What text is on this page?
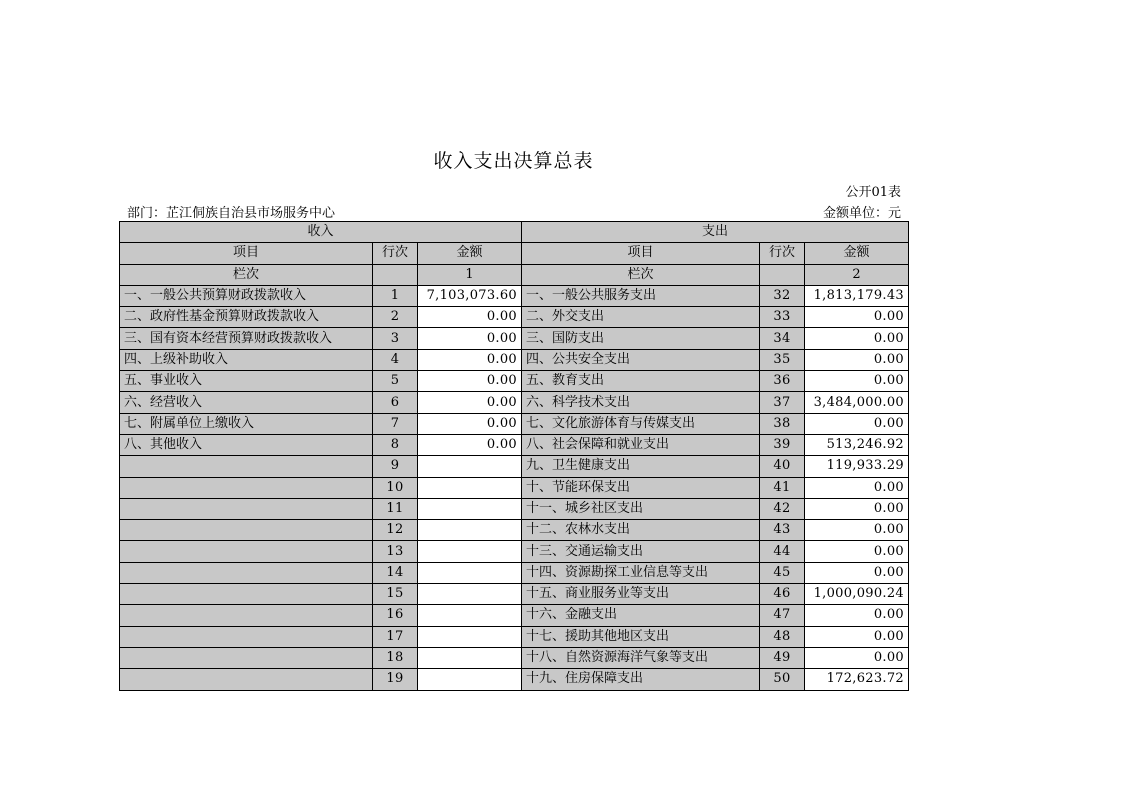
收入支出决算总表
公开01表
部门：芷江侗族自治县市场服务中心	金额单位：元
收入			支出		
项目	行次	金额	项目	行次	金额
栏次		1	栏次		2
一、一般公共预算财政拨款收入	1	7,103,073.60	一、一般公共服务支出	32	1,813,179.43
二、政府性基金预算财政拨款收入	2	0.00	二、外交支出	33	0.00
三、国有资本经营预算财政拨款收入	3	0.00	三、国防支出	34	0.00
四、上级补助收入	4	0.00	四、公共安全支出	35	0.00
五、事业收入	5	0.00	五、教育支出	36	0.00
六、经营收入	6	0.00	六、科学技术支出	37	3,484,000.00
七、附属单位上缴收入	7	0.00	七、文化旅游体育与传媒支出	38	0.00
八、其他收入	8	0.00	八、社会保障和就业支出	39	513,246.92
	9		九、卫生健康支出	40	119,933.29
	10		十、节能环保支出	41	0.00
	11		十一、城乡社区支出	42	0.00
	12		十二、农林水支出	43	0.00
	13		十三、交通运输支出	44	0.00
	14		十四、资源勘探工业信息等支出	45	0.00
	15		十五、商业服务业等支出	46	1,000,090.24
	16		十六、金融支出	47	0.00
	17		十七、援助其他地区支出	48	0.00
	18		十八、自然资源海洋气象等支出	49	0.00
	19		十九、住房保障支出	50	172,623.72
